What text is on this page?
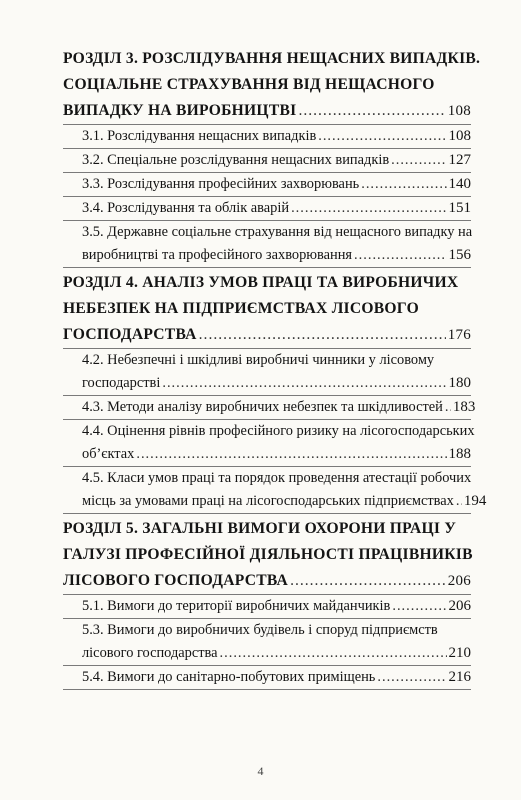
РОЗДІЛ 3. РОЗСЛІДУВАННЯ НЕЩАСНИХ ВИПАДКІВ.
СОЦІАЛЬНЕ СТРАХУВАННЯ ВІД НЕЩАСНОГО
ВИПАДКУ НА ВИРОБНИЦТВІ .....	108
3.1. Розслідування нещасних випадків .....	108
3.2. Спеціальне розслідування нещасних випадків .....	127
3.3. Розслідування професійних захворювань .....	140
3.4. Розслідування та облік аварій .....	151
3.5. Державне соціальне страхування від нещасного випадку на
виробництві та професійного захворювання .....	156
РОЗДІЛ 4. АНАЛІЗ УМОВ ПРАЦІ ТА ВИРОБНИЧИХ
НЕБЕЗПЕК НА ПІДПРИЄМСТВАХ ЛІСОВОГО
ГОСПОДАРСТВА .....	176
4.2. Небезпечні і шкідливі виробничі чинники у лісовому
господарстві .....	180
4.3. Методи аналізу виробничих небезпек та шкідливостей ..... 183
4.4. Оцінення рівнів професійного ризику на лісогосподарських
об’єктах .....	188
4.5. Класи умов праці та порядок проведення атестації робочих
місць за умовами праці на лісогосподарських підприємствах ..... 194
РОЗДІЛ 5. ЗАГАЛЬНІ ВИМОГИ ОХОРОНИ ПРАЦІ У
ГАЛУЗІ ПРОФЕСІЙНОЇ ДІЯЛЬНОСТІ ПРАЦІВНИКІВ
ЛІСОВОГО ГОСПОДАРСТВА .....	206
5.1. Вимоги до території виробничих майданчиків .....	206
5.3. Вимоги до виробничих будівель і споруд підприємств
лісового господарства .....	210
5.4. Вимоги до санітарно-побутових приміщень .....	216
4
